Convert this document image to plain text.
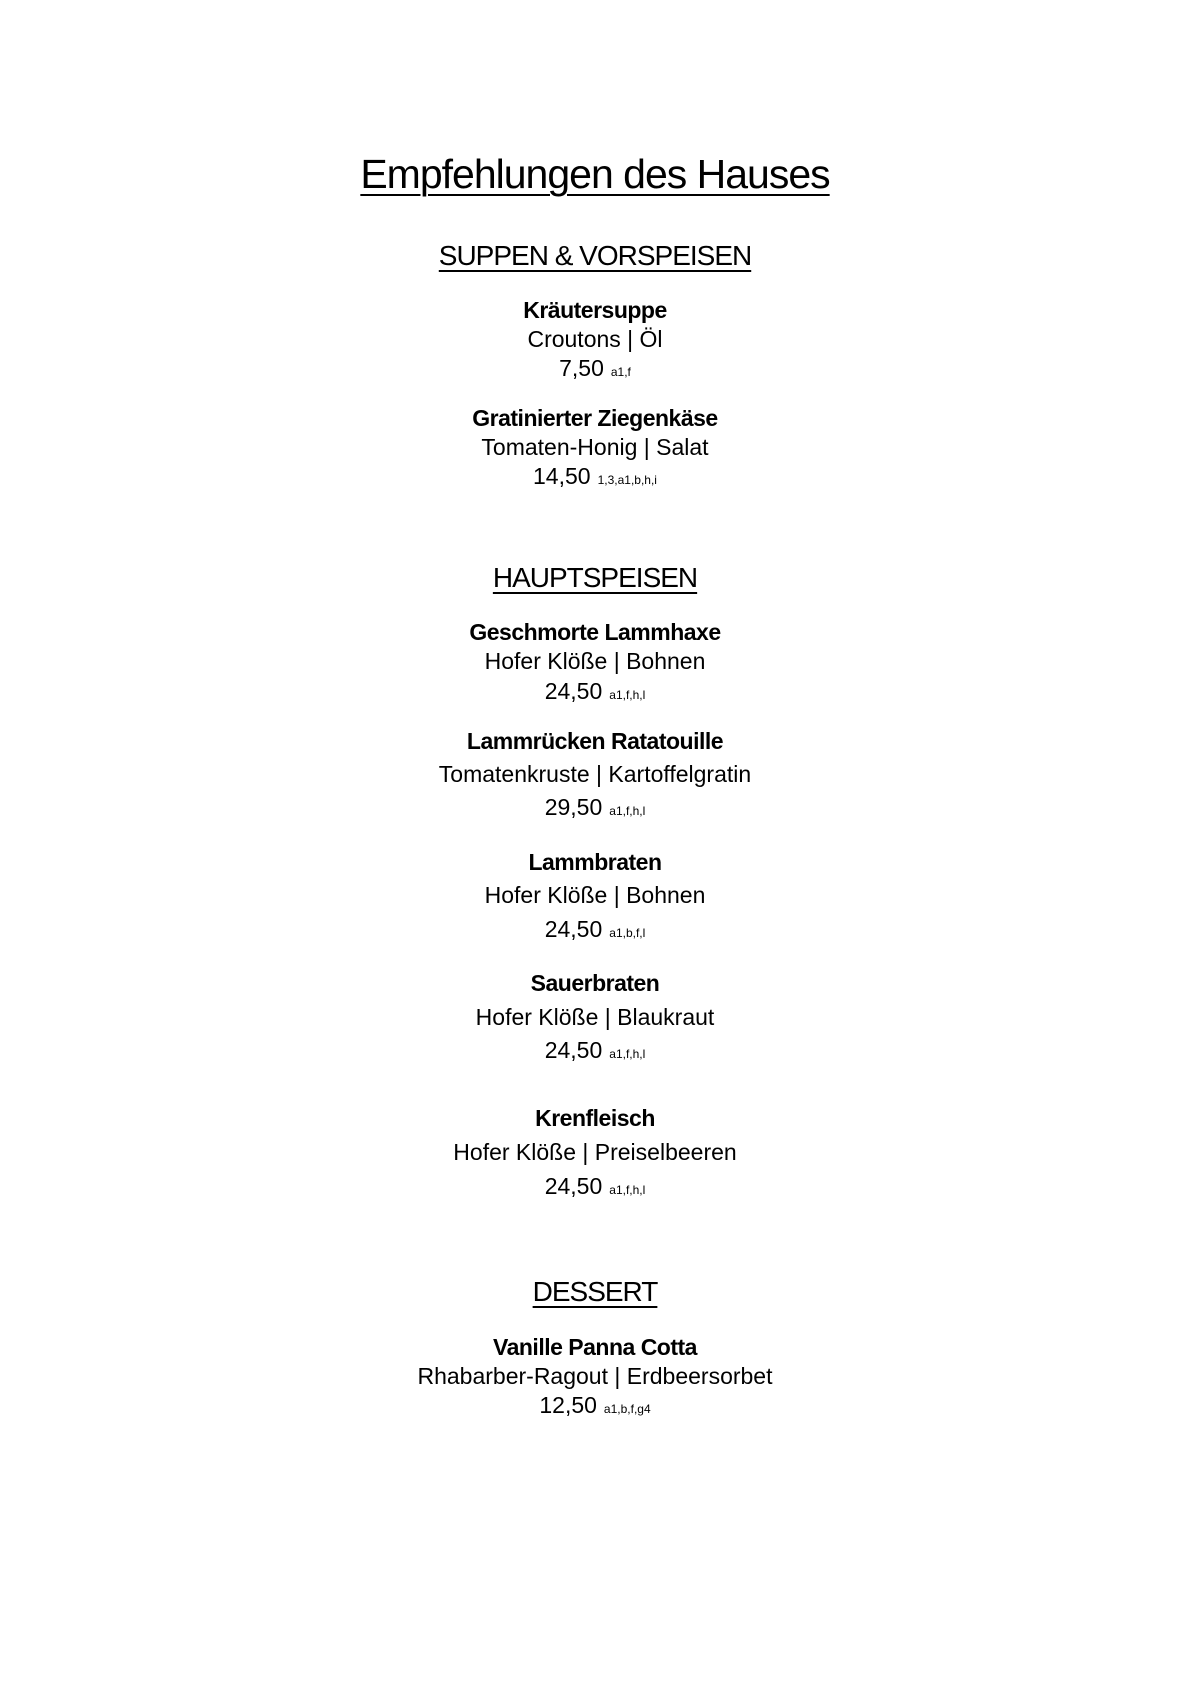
Empfehlungen des Hauses
SUPPEN & VORSPEISEN
Kräutersuppe
Croutons | Öl
7,50 a1,f
Gratinierter Ziegenkäse
Tomaten-Honig | Salat
14,50 1,3,a1,b,h,i
HAUPTSPEISEN
Geschmorte Lammhaxe
Hofer Klöße | Bohnen
24,50 a1,f,h,l
Lammrücken Ratatouille
Tomatenkruste | Kartoffelgratin
29,50 a1,f,h,l
Lammbraten
Hofer Klöße | Bohnen
24,50 a1,b,f,l
Sauerbraten
Hofer Klöße | Blaukraut
24,50 a1,f,h,l
Krenfleisch
Hofer Klöße | Preiselbeeren
24,50 a1,f,h,l
DESSERT
Vanille Panna Cotta
Rhabarber-Ragout | Erdbeersorbet
12,50 a1,b,f,g4
